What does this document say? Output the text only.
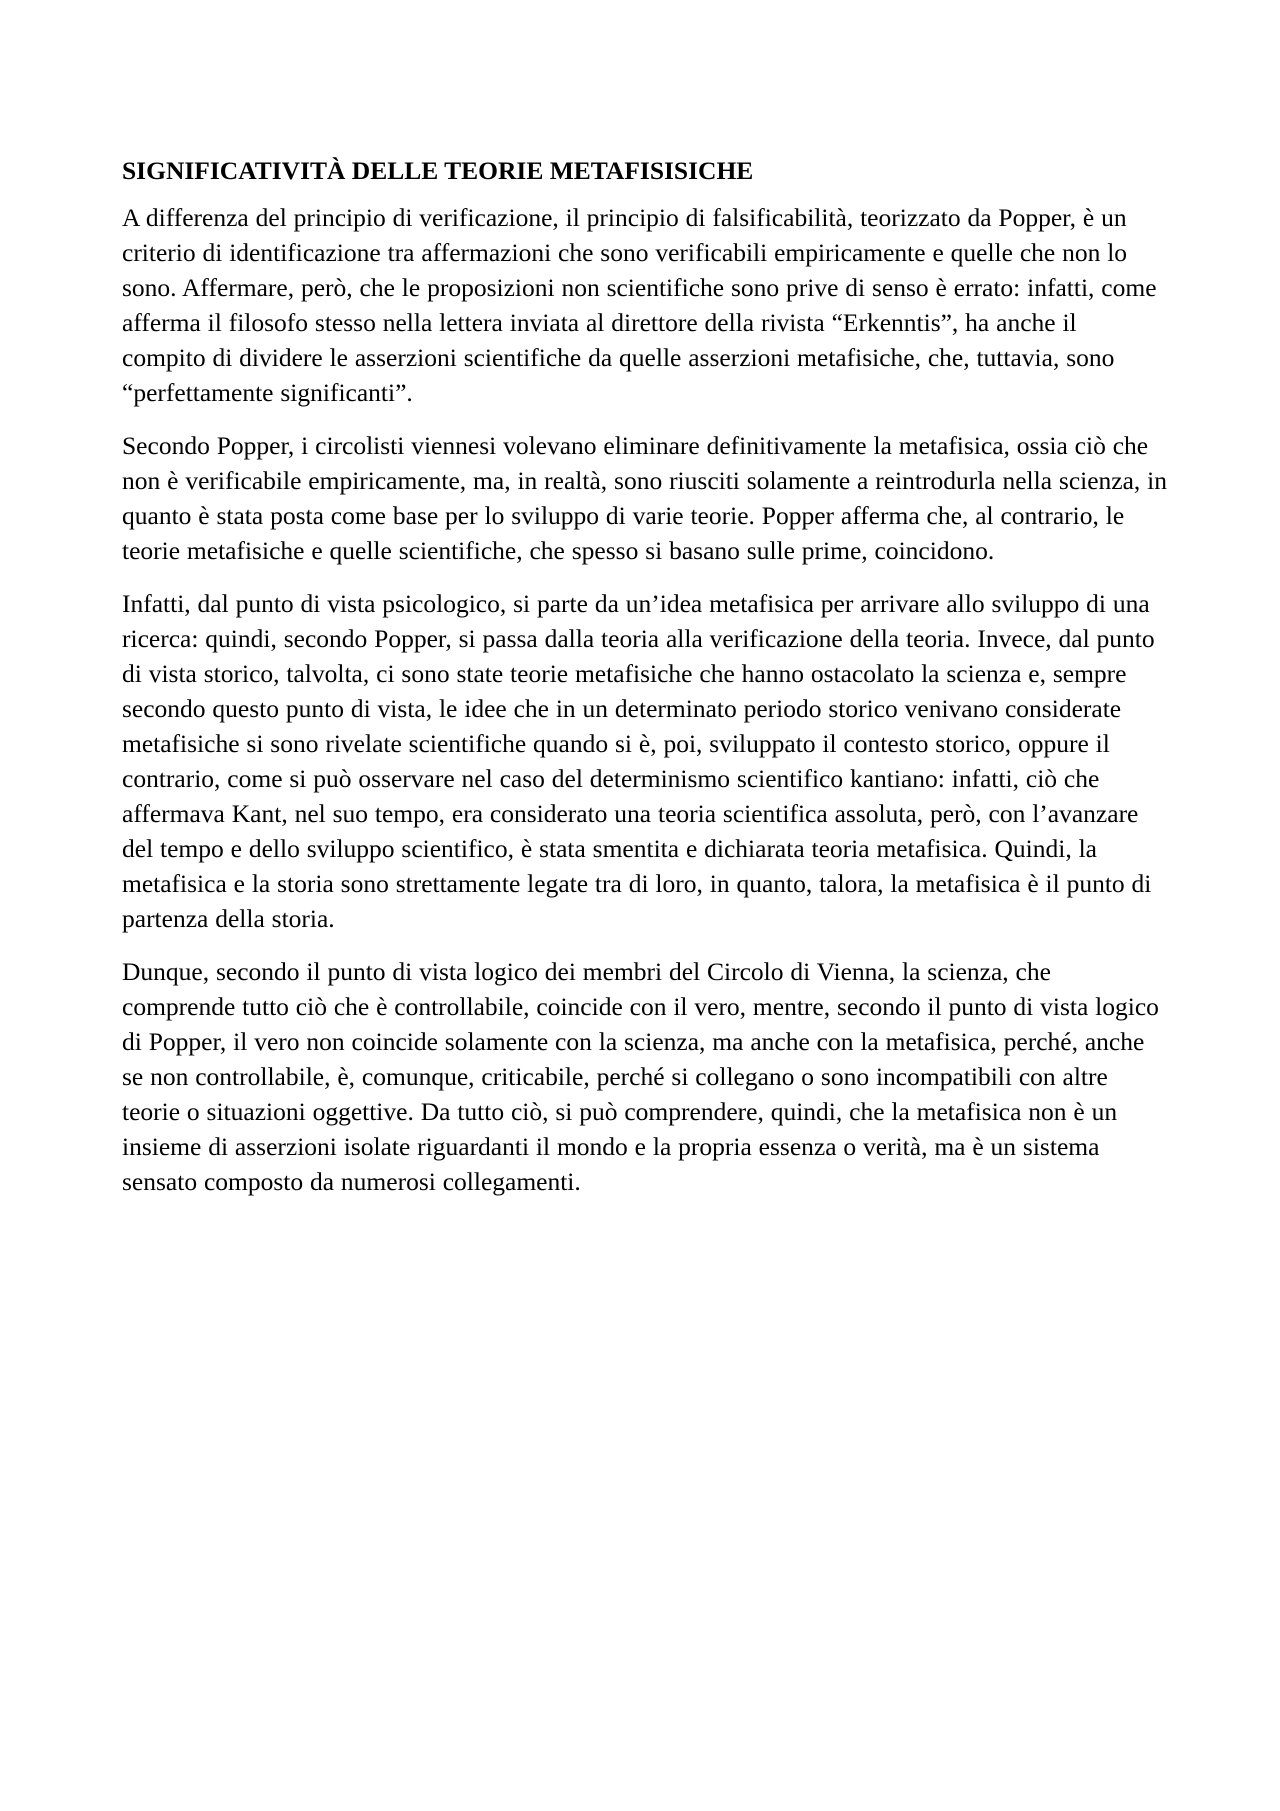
SIGNIFICATIVITÀ DELLE TEORIE METAFISISICHE

A differenza del principio di verificazione, il principio di falsificabilità, teorizzato da Popper, è un criterio di identificazione tra affermazioni che sono verificabili empiricamente e quelle che non lo sono. Affermare, però, che le proposizioni non scientifiche sono prive di senso è errato: infatti, come afferma il filosofo stesso nella lettera inviata al direttore della rivista “Erkenntis”, ha anche il compito di dividere le asserzioni scientifiche da quelle asserzioni metafisiche, che, tuttavia, sono “perfettamente significanti”.

Secondo Popper, i circolisti viennesi volevano eliminare definitivamente la metafisica, ossia ciò che non è verificabile empiricamente, ma, in realtà, sono riusciti solamente a reintrodurla nella scienza, in quanto è stata posta come base per lo sviluppo di varie teorie. Popper afferma che, al contrario, le teorie metafisiche e quelle scientifiche, che spesso si basano sulle prime, coincidono.

Infatti, dal punto di vista psicologico, si parte da un’idea metafisica per arrivare allo sviluppo di una ricerca: quindi, secondo Popper, si passa dalla teoria alla verificazione della teoria. Invece, dal punto di vista storico, talvolta, ci sono state teorie metafisiche che hanno ostacolato la scienza e, sempre secondo questo punto di vista, le idee che in un determinato periodo storico venivano considerate metafisiche si sono rivelate scientifiche quando si è, poi, sviluppato il contesto storico, oppure il contrario, come si può osservare nel caso del determinismo scientifico kantiano: infatti, ciò che affermava Kant, nel suo tempo, era considerato una teoria scientifica assoluta, però, con l’avanzare del tempo e dello sviluppo scientifico, è stata smentita e dichiarata teoria metafisica. Quindi, la metafisica e la storia sono strettamente legate tra di loro, in quanto, talora, la metafisica è il punto di partenza della storia.

Dunque, secondo il punto di vista logico dei membri del Circolo di Vienna, la scienza, che comprende tutto ciò che è controllabile, coincide con il vero, mentre, secondo il punto di vista logico di Popper, il vero non coincide solamente con la scienza, ma anche con la metafisica, perché, anche se non controllabile, è, comunque, criticabile, perché si collegano o sono incompatibili con altre teorie o situazioni oggettive. Da tutto ciò, si può comprendere, quindi, che la metafisica non è un insieme di asserzioni isolate riguardanti il mondo e la propria essenza o verità, ma è un sistema sensato composto da numerosi collegamenti.
